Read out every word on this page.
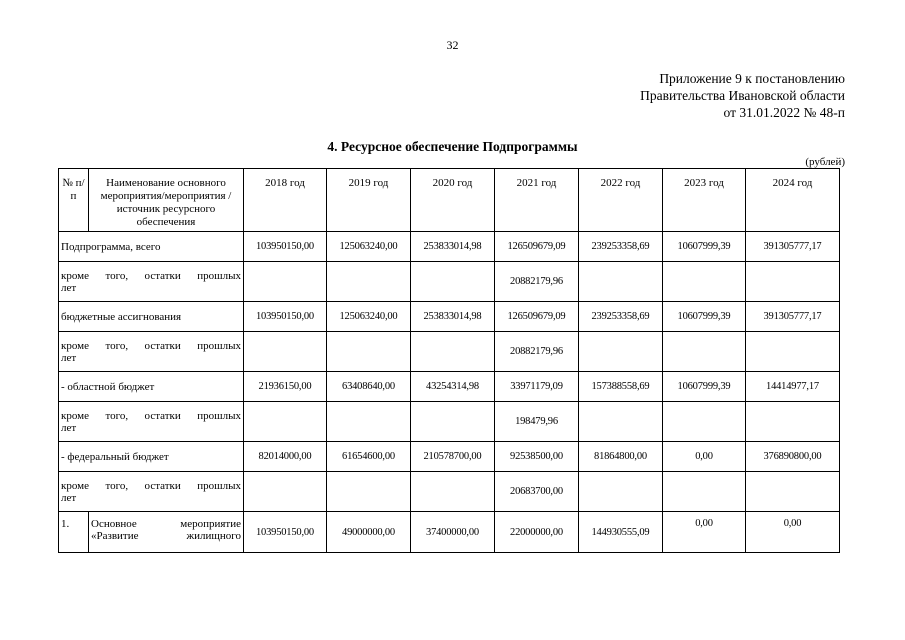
32
Приложение 9 к постановлению
Правительства Ивановской области
от 31.01.2022 № 48-п
4. Ресурсное обеспечение Подпрограммы
(рублей)
№ п/п	Наименование основного мероприятия/мероприятия /источник ресурсного обеспечения	2018 год	2019 год	2020 год	2021 год	2022 год	2023 год	2024 год
Подпрограмма, всего		103950150,00	125063240,00	253833014,98	126509679,09	239253358,69	10607999,39	391305777,17

кроме того, остатки прошлых
лет					20882179,96			
бюджетные ассигнования		103950150,00	125063240,00	253833014,98	126509679,09	239253358,69	10607999,39	391305777,17

кроме того, остатки прошлых
лет					20882179,96			
- областной бюджет		21936150,00	63408640,00	43254314,98	33971179,09	157388558,69	10607999,39	14414977,17

кроме того, остатки прошлых
лет					198479,96			
- федеральный бюджет		82014000,00	61654600,00	210578700,00	92538500,00	81864800,00	0,00	376890800,00

кроме того, остатки прошлых
лет					20683700,00			
1.	Основное мероприятие
«Развитие жилищного	103950150,00	49000000,00	37400000,00	22000000,00	144930555,09	0,00	0,00
